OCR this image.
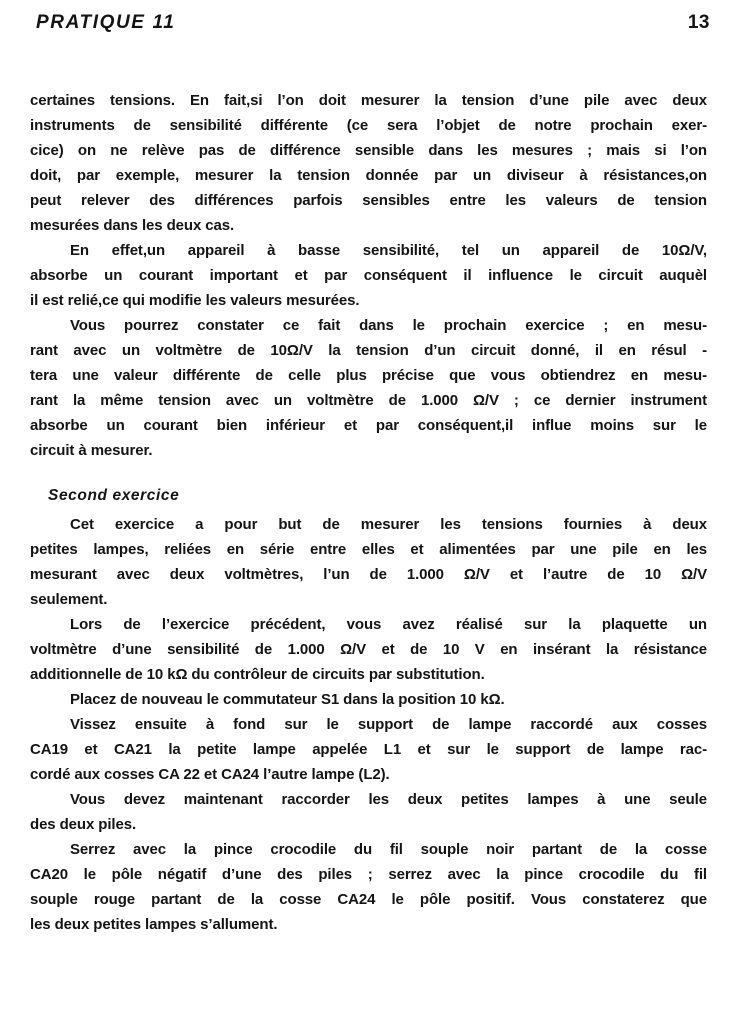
PRATIQUE 11	13
certaines tensions. En fait,si l’on doit mesurer la tension d’une pile avec deux
instruments de sensibilité différente (ce sera l’objet de notre prochain exer-
cice) on ne relève pas de différence sensible dans les mesures ; mais si l’on
doit, par exemple, mesurer la tension donnée par un diviseur à résistances,on
peut relever des différences parfois sensibles entre les valeurs de tension
mesurées dans les deux cas.
En effet,un appareil à basse sensibilité, tel un appareil de 10Ω/V,
absorbe un courant important et par conséquent il influence le circuit auquèl
il est relié,ce qui modifie les valeurs mesurées.
Vous pourrez constater ce fait dans le prochain exercice ; en mesu-
rant avec un voltmètre de 10Ω/V la tension d’un circuit donné, il en résul -
tera une valeur différente de celle plus précise que vous obtiendrez en mesu-
rant la même tension avec un voltmètre de 1.000 Ω/V ; ce dernier instrument
absorbe un courant bien inférieur et par conséquent,il influe moins sur le
circuit à mesurer.
Second exercice
Cet exercice a pour but de mesurer les tensions fournies à deux
petites lampes, reliées en série entre elles et alimentées par une pile en les
mesurant avec deux voltmètres, l’un de 1.000 Ω/V et l’autre de 10 Ω/V
seulement.
Lors de l’exercice précédent, vous avez réalisé sur la plaquette un
voltmètre d’une sensibilité de 1.000 Ω/V et de 10 V en insérant la résistance
additionnelle de 10 kΩ du contrôleur de circuits par substitution.
Placez de nouveau le commutateur S1 dans la position 10 kΩ.
Vissez ensuite à fond sur le support de lampe raccordé aux cosses
CA19 et CA21 la petite lampe appelée L1 et sur le support de lampe rac-
cordé aux cosses CA 22 et CA24 l’autre lampe (L2).
Vous devez maintenant raccorder les deux petites lampes à une seule
des deux piles.
Serrez avec la pince crocodile du fil souple noir partant de la cosse
CA20 le pôle négatif d’une des piles ; serrez avec la pince crocodile du fil
souple rouge partant de la cosse CA24 le pôle positif. Vous constaterez que
les deux petites lampes s’allument.
